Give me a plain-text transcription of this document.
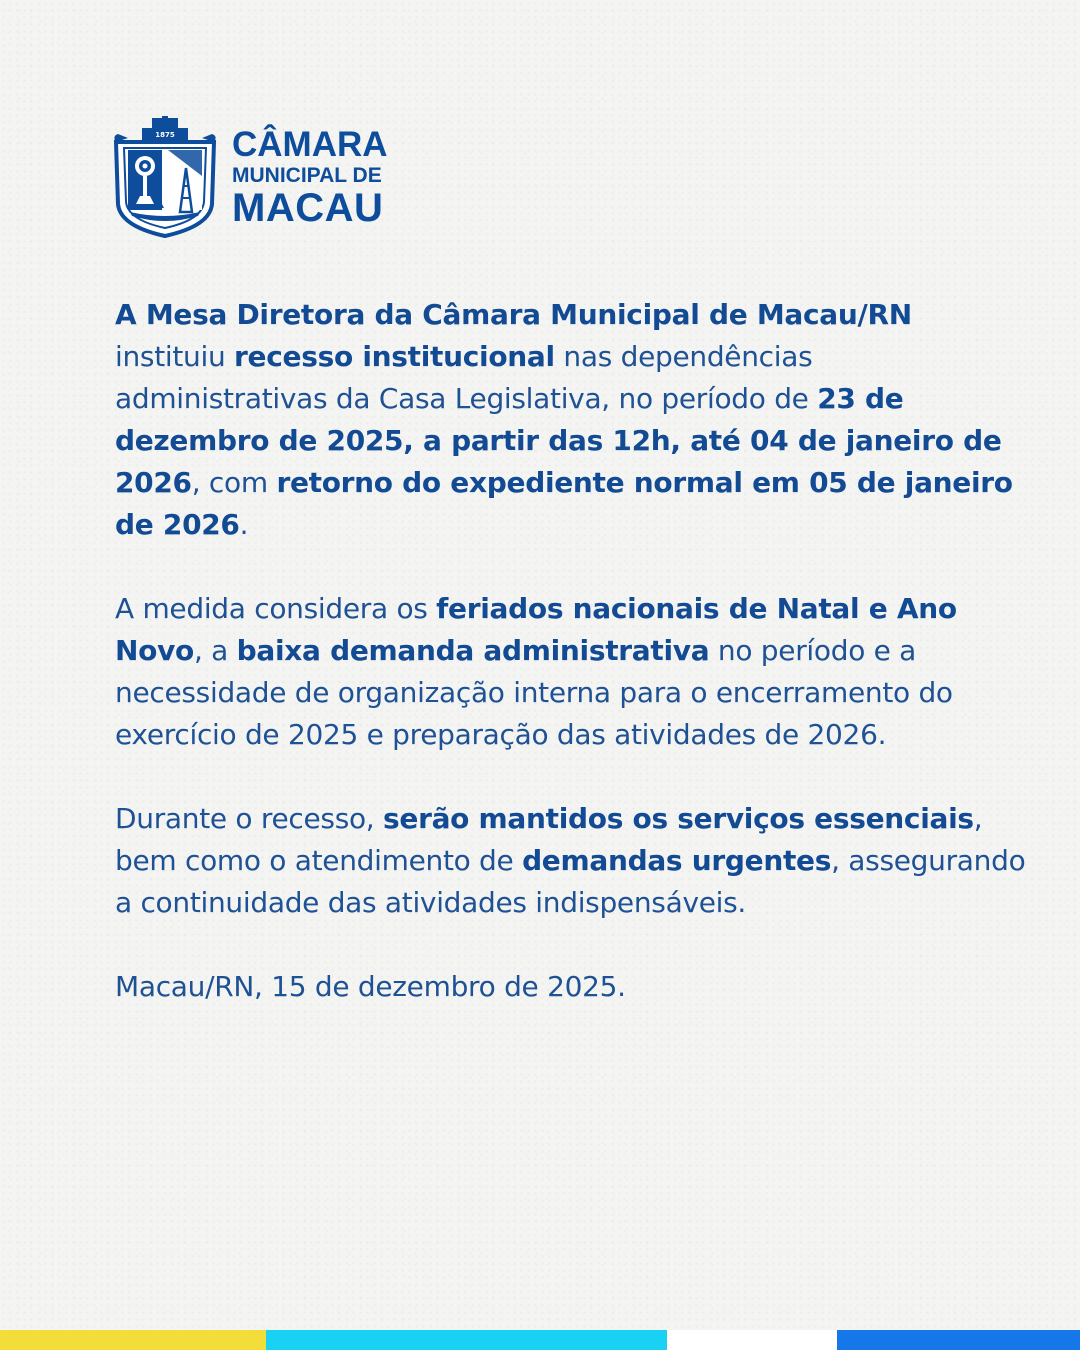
1875 CÂMARA
MUNICIPAL DE
MACAU

A Mesa Diretora da Câmara Municipal de Macau/RN instituiu recesso institucional nas dependências administrativas da Casa Legislativa, no período de 23 de dezembro de 2025, a partir das 12h, até 04 de janeiro de 2026, com retorno do expediente normal em 05 de janeiro de 2026.

A medida considera os feriados nacionais de Natal e Ano Novo, a baixa demanda administrativa no período e a necessidade de organização interna para o encerramento do exercício de 2025 e preparação das atividades de 2026.

Durante o recesso, serão mantidos os serviços essenciais, bem como o atendimento de demandas urgentes, assegurando a continuidade das atividades indispensáveis.

Macau/RN, 15 de dezembro de 2025.
